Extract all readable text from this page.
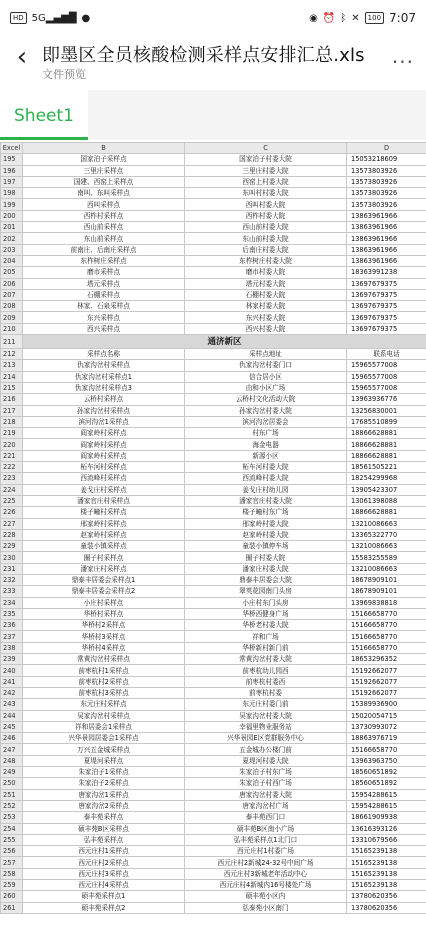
HD 5G▂▄▆█ ●	◉ ⏰ ᛒ ✕	100 7:07
‹ 即墨区全员核酸检测采样点安排汇总.xls
文件预览
···
Sheet1
Excel	B	C	D
195	国家泊子采样点	国家泊子村委大院	15053218609
196	三里庄采样点	三里庄村委大院	13573803926
197	国建、西窑上采样点	西窑上村委大院	13573803926
198	南叫、东叫采样点	东叫村村委大院	13573803926
199	西叫采样点	西叫村委大院	13573803926
200	西柞村采样点	西柞村委大院	13863961966
201	西山前采样点	西山前村委大院	13863961966
202	东山前采样点	东山前村委大院	13863961966
203	前南庄、后南庄采样点	后南庄村委大院	13863961966
204	东柞树庄采样点	东柞树庄村委大院	13863961966
205	磨市采样点	磨市村委大院	18363991238
206	塔元采样点	塔元村委大院	13697679375
207	石棚采样点	石棚村委大院	13697679375
208	林家、石泉采样点	林家村委大院	13697679375
209	东兴采样点	东兴村委大院	13697679375
210	西兴采样点	西兴村委大院	13697679375
211	通济新区		
212	采样点名称	采样点地址	联系电话
213	仇家沟岔村采样点	仇家沟岔村委门口	15965577008
214	仇家沟岔村采样点1	信合居小区	15965577008
215	仇家沟岔村采样点3	由和小区广场	15965577008
216	云桥村采样点	云桥村文化活动大院	13963936776
217	孙家沟岔村采样点	孙家沟岔村委大院	13256830001
218	滨河沟岔1采样点	滨河沟岔居委会	17685510899
219	阎家岭村采样点	村东广场	18866628881
220	阎家岭村采样点	海金电器	18866628881
221	阎家岭村采样点	新源小区	18866628881
222	柘车河村采样点	柘车河村委大院	18561505221
223	西流峰村采样点	西流峰村委大院	18254299968
224	姜戈庄村采样点	姜戈庄村幼儿园	13905423307
225	潘家官庄村采样点	潘家官庄村委大院	13061398088
226	楼子疃村采样点	楼子疃村东广场	18866628881
227	邢家岭村采样点	邢家岭村委大院	13210086663
228	赵家岭村采样点	赵家岭村委大院	13365322770
229	童装小镇采样点	童装小镇停车场	13210086663
230	圈子村采样点	圈子村委大院	15583255589
231	潘家庄村采样点	潘家庄村委大院	13210086663
232	鼎泰丰居委会采样点1	鼎泰丰居委会大院	18678909101
233	鼎泰丰居委会采样点2	翠英花园南门头房	18678909101
234	小庄村采样点	小庄村东门头房	13969838818
235	华桥村采样点	华桥西健身广场	15166658770
236	华桥村2采样点	华桥老村委大院	15166658770
237	华桥村3采样点	祥和广场	15166658770
238	华桥村4采样点	华桥新村新门前	15166658770
239	常黄沟岔村采样点	常黄沟岔村委大院	18653296352
240	前枣杭村1采样点	前枣杭幼儿园西	15192662077
241	前枣杭村2采样点	前枣杭村委西	15192662077
242	前枣杭村3采样点	前枣杭村委	15192662077
243	东元庄村采样点	东元庄村委门前	15389936900
244	吴家沟岔村采样点	吴家沟岔村委大院	15020054715
245	祥和居委会1采样点	幸福里物业服务站	13730993072
246	兴华景园居委会1采样点	兴华景园E区党群服务中心	18863976719
247	万兴五金城采样点	五金城办公楼门前	15166658770
248	夏堤河采样点	夏堤河村委大院	13963963750
249	朱家泊子1采样点	朱家泊子村东广场	18560651892
250	朱家泊子2采样点	朱家泊子村西广场	18560651892
251	唐家沟岔1采样点	唐家沟岔村委大院	15954288615
252	唐家沟岔2采样点	唐家沟岔村广场	15954288615
253	泰丰苑采样点	泰丰苑西门口	18661909938
254	硕丰苑B区采样点	硕丰苑B区南小广场	13616393126
255	弘丰苑采样点	弘丰苑采样点1北门口	13310679566
256	西元庄村1采样点	西元庄村1村委广场	15165239138
257	西元庄村2采样点	西元庄村2新城24-32号中间广场	15165239138
258	西元庄村3采样点	西元庄村3新城老年活动中心	15165239138
259	西元庄村4采样点	西元庄村4新城内16号楼处广场	15165239138
260	硕丰苑采样点1	硕丰苑小区内	13780620356
261	硕丰苑采样点2	弘泰苑小区南门	13780620356
